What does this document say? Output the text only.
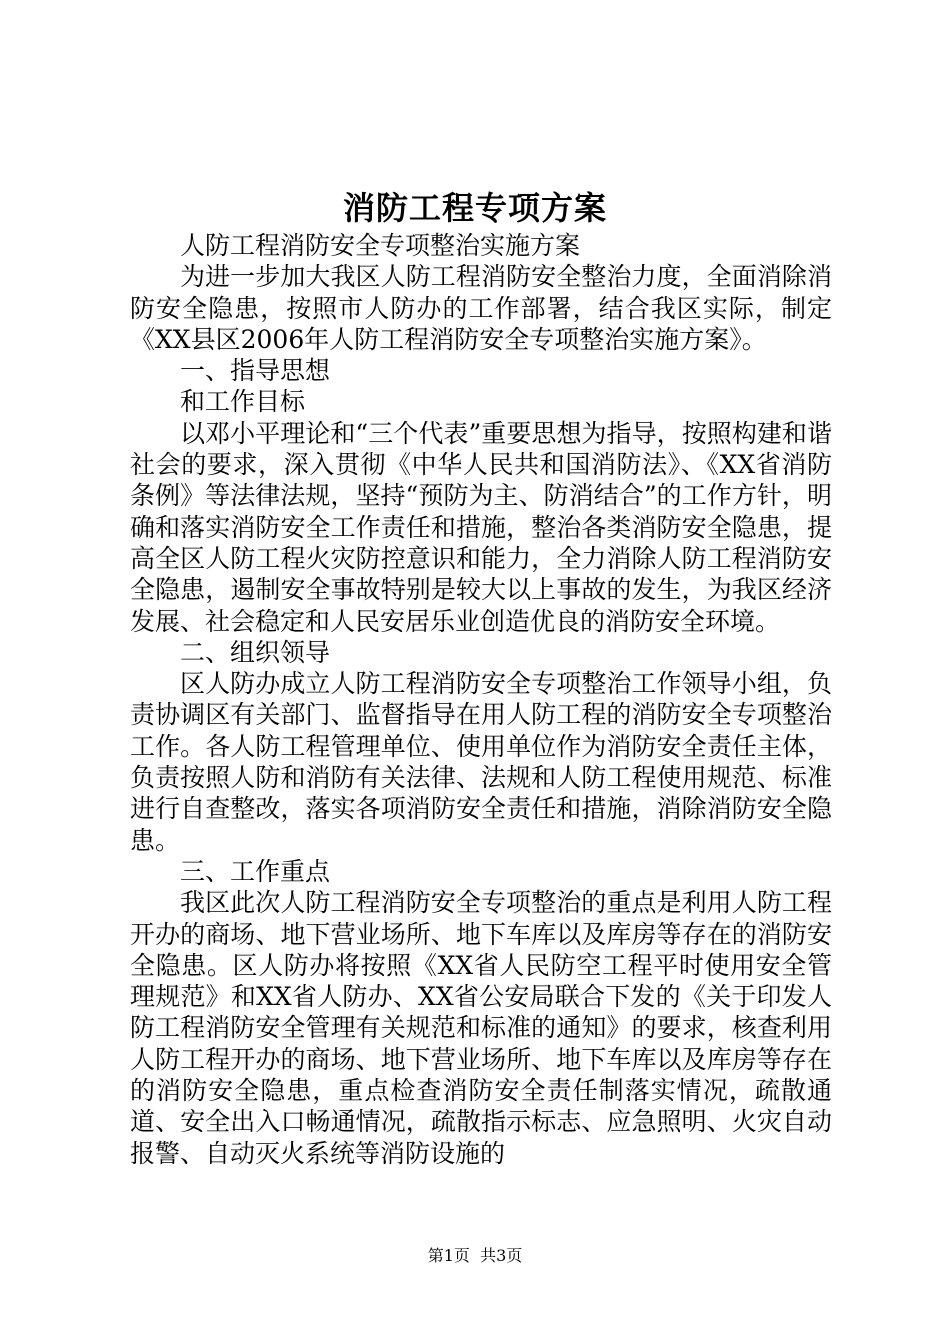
消防工程专项方案

人防工程消防安全专项整治实施方案

为进一步加大我区人防工程消防安全整治力度，全面消除消防安全隐患，按照市人防办的工作部署，结合我区实际，制定《XX县区2006年人防工程消防安全专项整治实施方案》。

一、指导思想

和工作目标

以邓小平理论和“三个代表”重要思想为指导，按照构建和谐社会的要求，深入贯彻《中华人民共和国消防法》、《XX省消防条例》等法律法规，坚持“预防为主、防消结合”的工作方针，明确和落实消防安全工作责任和措施，整治各类消防安全隐患，提高全区人防工程火灾防控意识和能力，全力消除人防工程消防安全隐患，遏制安全事故特别是较大以上事故的发生，为我区经济发展、社会稳定和人民安居乐业创造优良的消防安全环境。

二、组织领导

区人防办成立人防工程消防安全专项整治工作领导小组，负责协调区有关部门、监督指导在用人防工程的消防安全专项整治工作。各人防工程管理单位、使用单位作为消防安全责任主体，负责按照人防和消防有关法律、法规和人防工程使用规范、标准进行自查整改，落实各项消防安全责任和措施，消除消防安全隐患。

三、工作重点

我区此次人防工程消防安全专项整治的重点是利用人防工程开办的商场、地下营业场所、地下车库以及库房等存在的消防安全隐患。区人防办将按照《XX省人民防空工程平时使用安全管理规范》和XX省人防办、XX省公安局联合下发的《关于印发人防工程消防安全管理有关规范和标准的通知》的要求，核查利用人防工程开办的商场、地下营业场所、地下车库以及库房等存在的消防安全隐患，重点检查消防安全责任制落实情况，疏散通道、安全出入口畅通情况，疏散指示标志、应急照明、火灾自动报警、自动灭火系统等消防设施的

第1页 共3页
